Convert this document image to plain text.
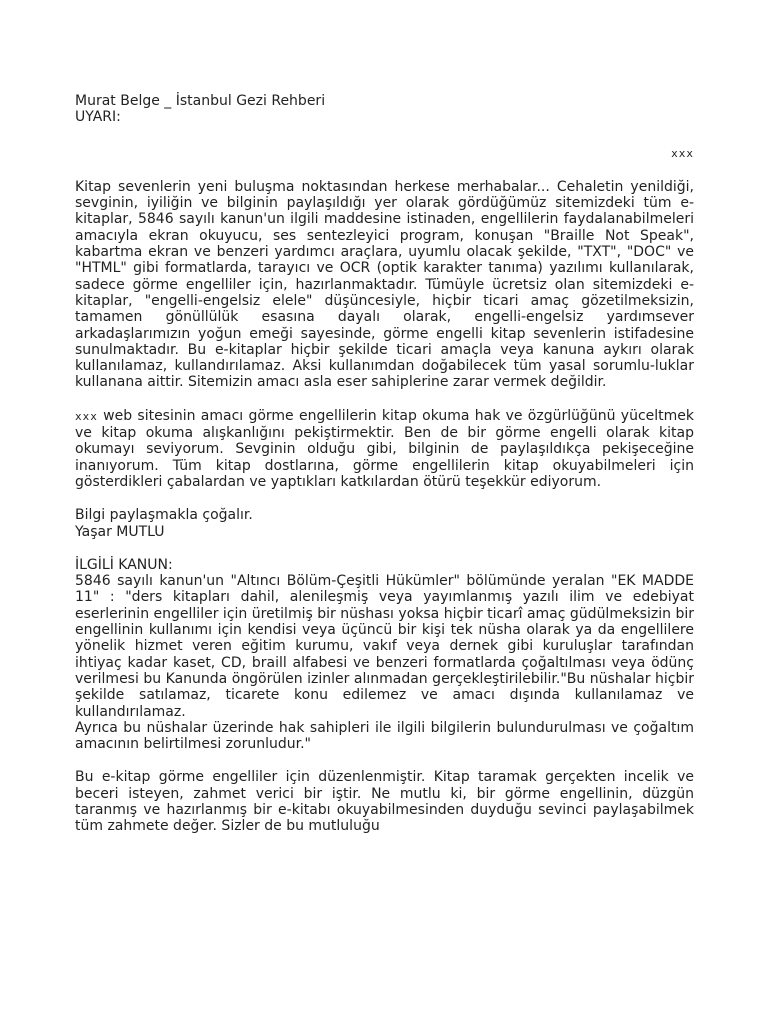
Murat Belge _ İstanbul Gezi Rehberi
UYARI:
xxx

Kitap sevenlerin yeni buluşma noktasından herkese merhabalar... Cehaletin yenildiği, sevginin, iyiliğin ve bilginin paylaşıldığı yer olarak gördüğümüz sitemizdeki tüm e-kitaplar, 5846 sayılı kanun'un ilgili maddesine istinaden, engellilerin faydalanabilmeleri amacıyla ekran okuyucu, ses sentezleyici program, konuşan "Braille Not Speak", kabartma ekran ve benzeri yardımcı araçlara, uyumlu olacak şekilde, "TXT", "DOC" ve "HTML" gibi formatlarda, tarayıcı ve OCR (optik karakter tanıma) yazılımı kullanılarak, sadece görme engelliler için, hazırlanmaktadır. Tümüyle ücretsiz olan sitemizdeki e-kitaplar, "engelli-engelsiz elele" düşüncesiyle, hiçbir ticari amaç gözetilmeksizin, tamamen gönüllülük esasına dayalı olarak, engelli-engelsiz yardımsever arkadaşlarımızın yoğun emeği sayesinde, görme engelli kitap sevenlerin istifadesine sunulmaktadır. Bu e-kitaplar hiçbir şekilde ticari amaçla veya kanuna aykırı olarak kullanılamaz, kullandırılamaz. Aksi kullanımdan doğabilecek tüm yasal sorumlu-luklar kullanana aittir. Sitemizin amacı asla eser sahiplerine zarar vermek değildir.

xxx web sitesinin amacı görme engellilerin kitap okuma hak ve özgürlüğünü yüceltmek ve kitap okuma alışkanlığını pekiştirmektir. Ben de bir görme engelli olarak kitap okumayı seviyorum. Sevginin olduğu gibi, bilginin de paylaşıldıkça pekişeceğine inanıyorum. Tüm kitap dostlarına, görme engellilerin kitap okuyabilmeleri için gösterdikleri çabalardan ve yaptıkları katkılardan ötürü teşekkür ediyorum.

Bilgi paylaşmakla çoğalır.
Yaşar MUTLU
İLGİLİ KANUN:

5846 sayılı kanun'un "Altıncı Bölüm-Çeşitli Hükümler" bölümünde yeralan "EK MADDE 11" : "ders kitapları dahil, alenileşmiş veya yayımlanmış yazılı ilim ve edebiyat eserlerinin engelliler için üretilmiş bir nüshası yoksa hiçbir ticarî amaç güdülmeksizin bir engellinin kullanımı için kendisi veya üçüncü bir kişi tek nüsha olarak ya da engellilere yönelik hizmet veren eğitim kurumu, vakıf veya dernek gibi kuruluşlar tarafından ihtiyaç kadar kaset, CD, braill alfabesi ve benzeri formatlarda çoğaltılması veya ödünç verilmesi bu Kanunda öngörülen izinler alınmadan gerçekleştirilebilir."Bu nüshalar hiçbir şekilde satılamaz, ticarete konu edilemez ve amacı dışında kullanılamaz ve kullandırılamaz.

Ayrıca bu nüshalar üzerinde hak sahipleri ile ilgili bilgilerin bulundurulması ve çoğaltım amacının belirtilmesi zorunludur."

Bu e-kitap görme engelliler için düzenlenmiştir. Kitap taramak gerçekten incelik ve beceri isteyen, zahmet verici bir iştir. Ne mutlu ki, bir görme engellinin, düzgün taranmış ve hazırlanmış bir e-kitabı okuyabilmesinden duyduğu sevinci paylaşabilmek tüm zahmete değer. Sizler de bu mutluluğu
